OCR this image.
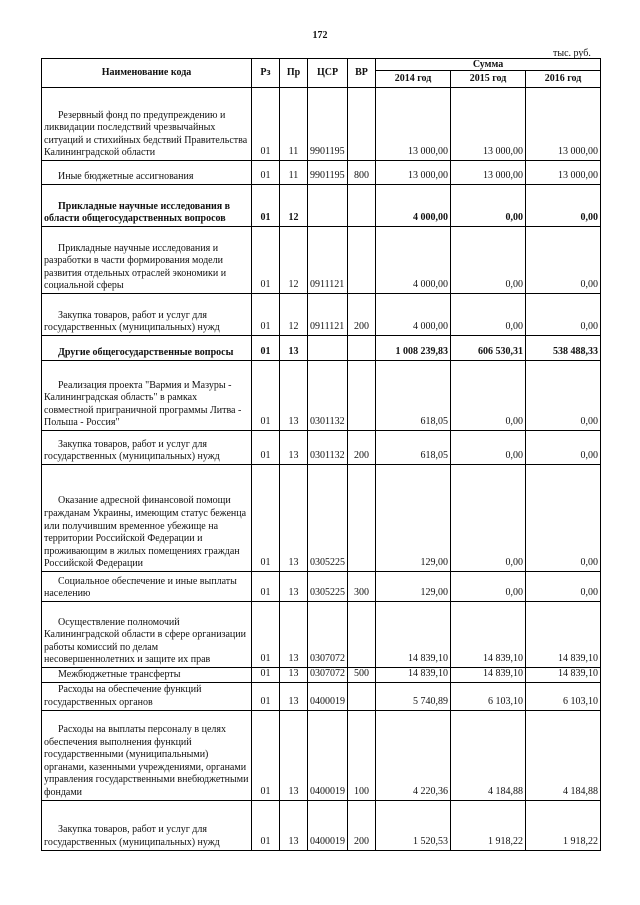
172
тыс. руб.
Наименование кода	Рз	Пр	ЦСР	ВР	Сумма		
					2014 год	2015 год	2016 год
Резервный фонд по предупреждению и ликвидации последствий чрезвычайных ситуаций и стихийных бедствий Правительства Калининградской области	01	11	9901195		13 000,00	13 000,00	13 000,00
Иные бюджетные ассигнования	01	11	9901195	800	13 000,00	13 000,00	13 000,00
Прикладные научные исследования в области общегосударственных вопросов	01	12			4 000,00	0,00	0,00
Прикладные научные исследования и разработки в части формирования модели развития отдельных отраслей экономики и социальной сферы	01	12	0911121		4 000,00	0,00	0,00
Закупка товаров, работ и услуг для государственных (муниципальных) нужд	01	12	0911121	200	4 000,00	0,00	0,00
Другие общегосударственные вопросы	01	13			1 008 239,83	606 530,31	538 488,33
Реализация проекта "Вармия и Мазуры - Калининградская область" в рамках совместной приграничной программы Литва - Польша - Россия"	01	13	0301132		618,05	0,00	0,00
Закупка товаров, работ и услуг для государственных (муниципальных) нужд	01	13	0301132	200	618,05	0,00	0,00
Оказание адресной финансовой помощи гражданам Украины, имеющим статус беженца или получившим временное убежище на территории Российской Федерации и проживающим в жилых помещениях граждан Российской Федерации	01	13	0305225		129,00	0,00	0,00
Социальное обеспечение и иные выплаты населению	01	13	0305225	300	129,00	0,00	0,00
Осуществление полномочий Калининградской области в сфере организации работы комиссий по делам несовершеннолетних и защите их прав	01	13	0307072		14 839,10	14 839,10	14 839,10
Межбюджетные трансферты	01	13	0307072	500	14 839,10	14 839,10	14 839,10
Расходы на обеспечение функций государственных органов	01	13	0400019		5 740,89	6 103,10	6 103,10
Расходы на выплаты персоналу в целях обеспечения выполнения функций государственными (муниципальными) органами, казенными учреждениями, органами управления государственными внебюджетными фондами	01	13	0400019	100	4 220,36	4 184,88	4 184,88
Закупка товаров, работ и услуг для государственных (муниципальных) нужд	01	13	0400019	200	1 520,53	1 918,22	1 918,22
